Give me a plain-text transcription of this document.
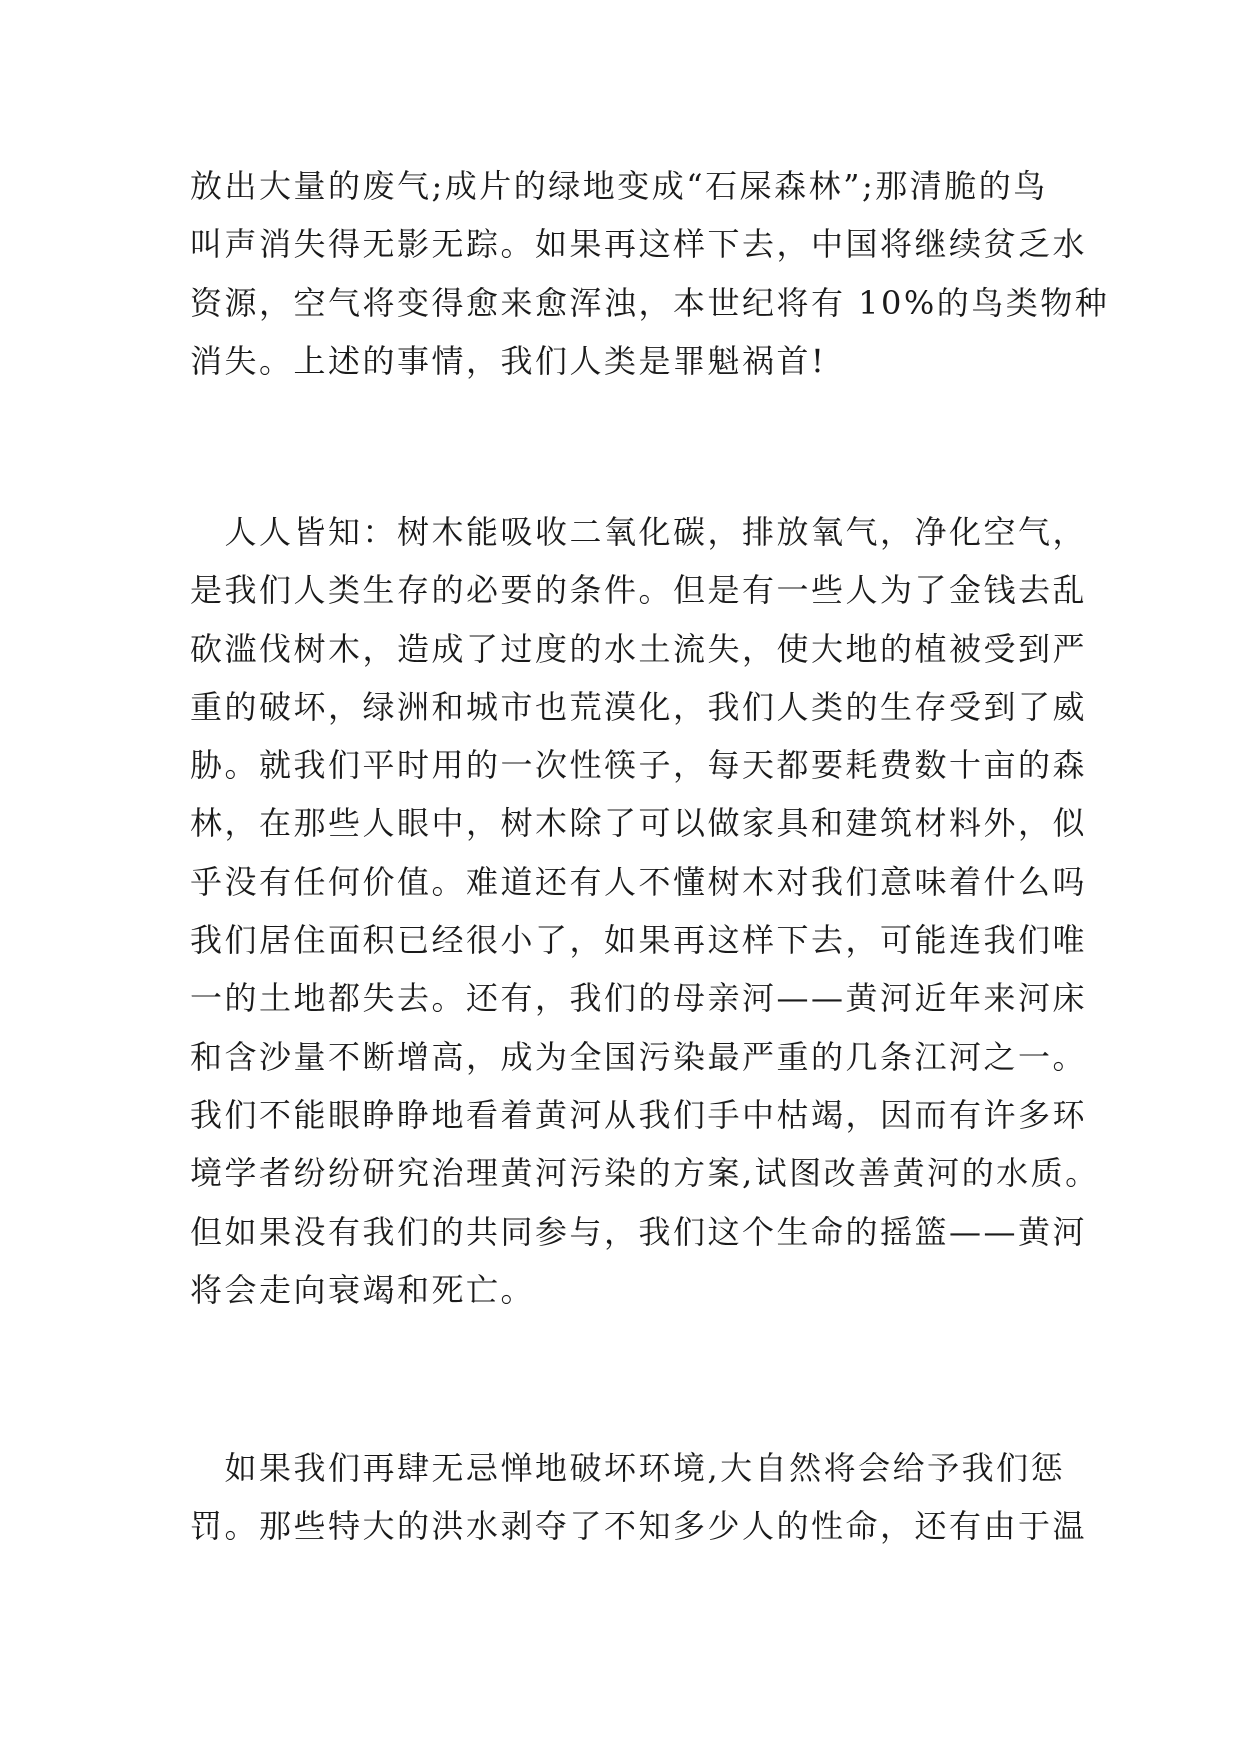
放出大量的废气;成片的绿地变成“石屎森林”;那清脆的鸟
叫声消失得无影无踪。如果再这样下去，中国将继续贫乏水
资源，空气将变得愈来愈浑浊，本世纪将有 10%的鸟类物种
消失。上述的事情，我们人类是罪魁祸首!
　人人皆知：树木能吸收二氧化碳，排放氧气，净化空气，
是我们人类生存的必要的条件。但是有一些人为了金钱去乱
砍滥伐树木，造成了过度的水土流失，使大地的植被受到严
重的破坏，绿洲和城市也荒漠化，我们人类的生存受到了威
胁。就我们平时用的一次性筷子，每天都要耗费数十亩的森
林，在那些人眼中，树木除了可以做家具和建筑材料外，似
乎没有任何价值。难道还有人不懂树木对我们意味着什么吗
我们居住面积已经很小了，如果再这样下去，可能连我们唯
一的土地都失去。还有，我们的母亲河——黄河近年来河床
和含沙量不断增高，成为全国污染最严重的几条江河之一。
我们不能眼睁睁地看着黄河从我们手中枯竭，因而有许多环
境学者纷纷研究治理黄河污染的方案,试图改善黄河的水质。
但如果没有我们的共同参与，我们这个生命的摇篮——黄河
将会走向衰竭和死亡。
　如果我们再肆无忌惮地破坏环境,大自然将会给予我们惩
罚。那些特大的洪水剥夺了不知多少人的性命，还有由于温
